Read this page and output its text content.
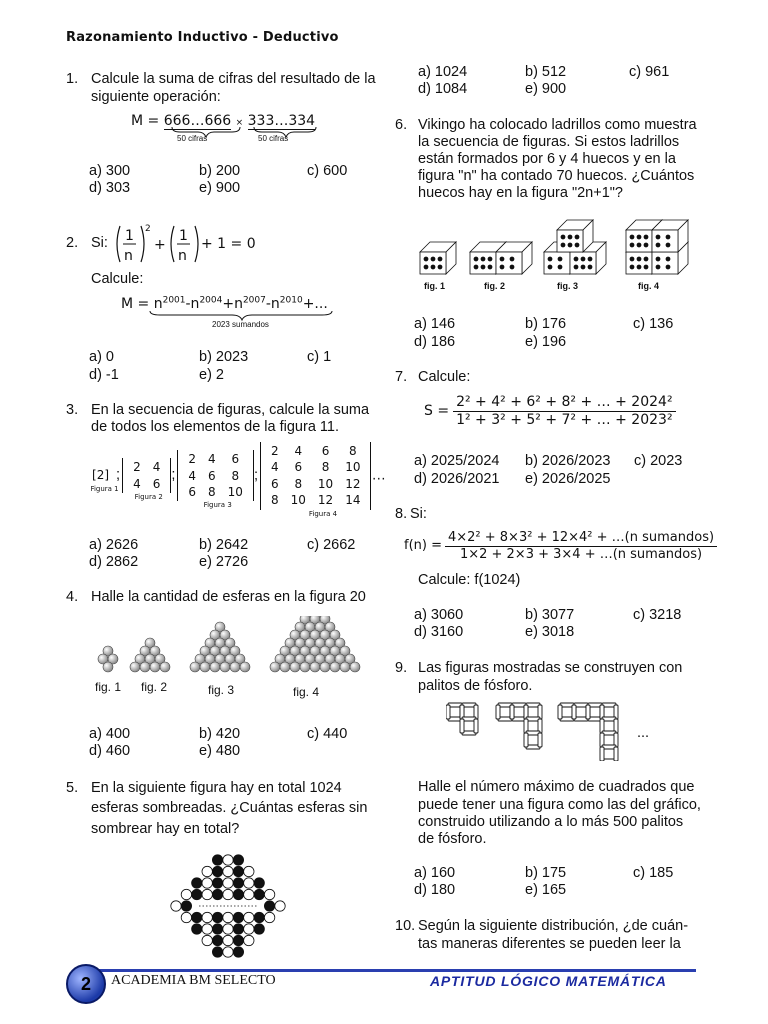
Razonamiento Inductivo - Deductivo
1. Calcule la suma de cifras del resultado de la
siguiente operación:
M = 666…666 × 333…334
50 cifras	50 cifras
a) 300	b) 200	c) 600
d) 303	e) 900
2. Si: 1
n
2
+
1
n
+ 1 = 0
Calcule:
$M = n^{2001}-n^{2004}+n^{2007}-n^{2010}+$...
2023 sumandos
a) 0	b) 2023	c) 1
d) -1	e) 2
3. En la secuencia de figuras, calcule la suma
de todos los elementos de la figura 11.
[2] ;
Figura 1
2	4
4	6;
Figura 2
2	4	6
4	6	8
6	8	10;
Figura 3
2	4	6	8
4	6	8	10
6	8	10	12
8	10	12	14…
Figura 4
a) 2626	b) 2642	c) 2662
d) 2862	e) 2726
4. Halle la cantidad de esferas en la figura 20
fig. 1 fig. 2	fig. 3	fig. 4
a) 400	b) 420	c) 440
d) 460	e) 480
5. En la siguiente figura hay en total 1024
esferas sombreadas. ¿Cuántas esferas sin
sombrear hay en total?
a) 1024	b) 512	c) 961
d) 1084	e) 900
6. Vikingo ha colocado ladrillos como muestra
la secuencia de figuras. Si estos ladrillos
están formados por 6 y 4 huecos y en la
figura "n" ha contado 70 huecos. ¿Cuántos
huecos hay en la figura "2n+1"?
fig. 1	fig. 2	fig. 3	fig. 4
a) 146	b) 176	c) 136
d) 186	e) 196
7. Calcule:
$S = \frac{\text{2² + 4² + 6² + 8² + … + 2024²}}{\text{1² + 3² + 5² + 7² + … + 2023²}}$
a) 2025/2024 b) 2026/2023 c) 2023
d) 2026/2021 e) 2026/2025
8. Si:
$f(n) = \frac{\text{4×2² + 8×3² + 12×4² + …(n sumandos)}}{\text{1×2 + 2×3 + 3×4 + …(n sumandos)}}$
Calcule: f(1024)
a) 3060	b) 3077	c) 3218
d) 3160	e) 3018
9. Las figuras mostradas se construyen con
palitos de fósforo.
...
Halle el número máximo de cuadrados que
puede tener una figura como las del gráfico,
construido utilizando a lo más 500 palitos
de fósforo.
a) 160	b) 175	c) 185
d) 180	e) 165
10. Según la siguiente distribución, ¿de cuán-
tas maneras diferentes se pueden leer la
2	ACADEMIA BM SELECTO	APTITUD LÓGICO MATEMÁTICA
